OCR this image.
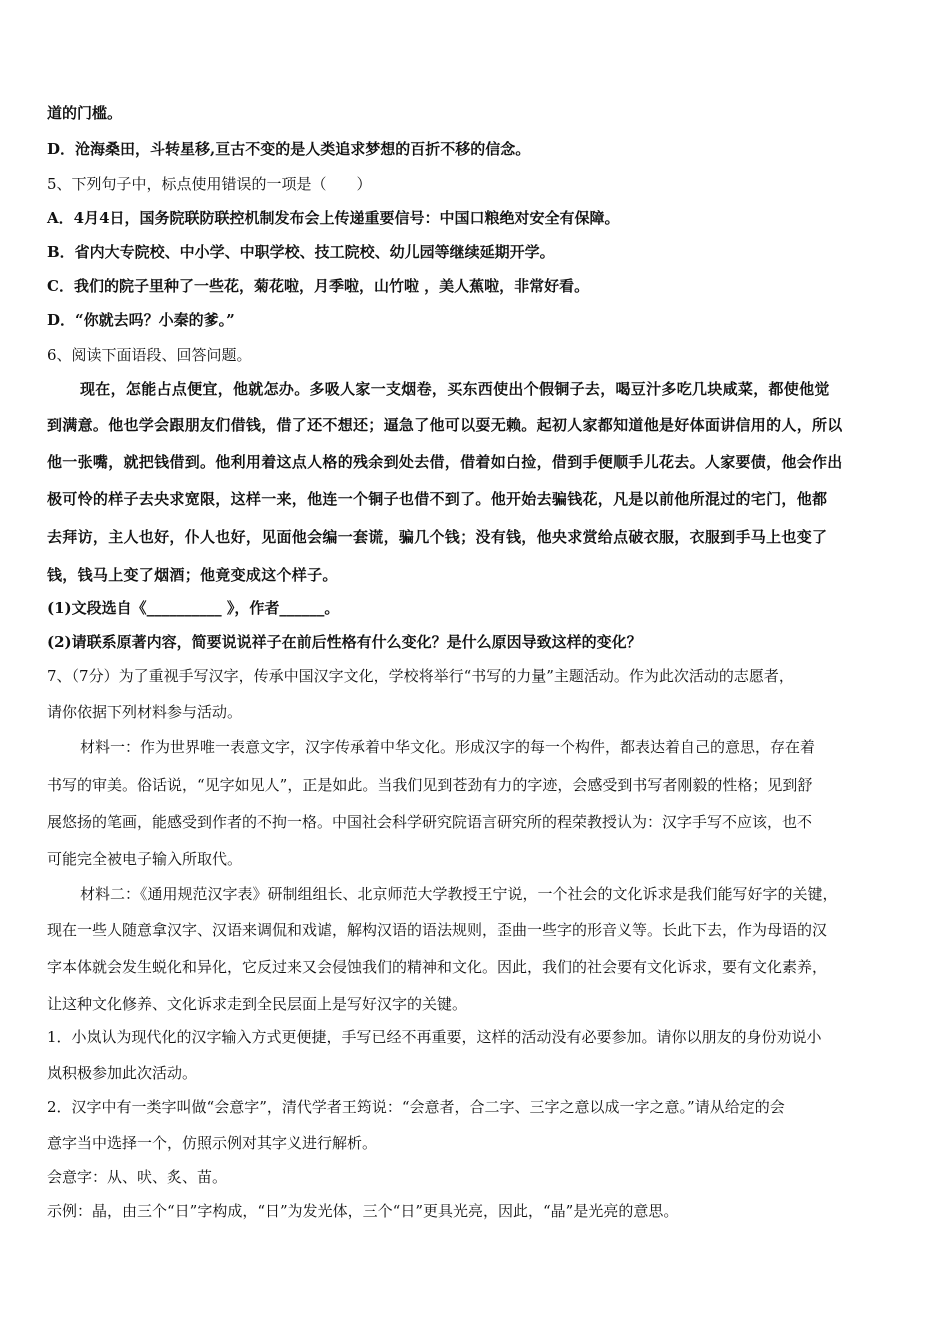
道的门槛。
D．沧海桑田，斗转星移,亘古不变的是人类追求梦想的百折不移的信念。
5、下列句子中，标点使用错误的一项是（　　）
A．4月4日，国务院联防联控机制发布会上传递重要信号：中国口粮绝对安全有保障。
B．省内大专院校、中小学、中职学校、技工院校、幼儿园等继续延期开学。
C．我们的院子里种了一些花，菊花啦，月季啦，山竹啦 ，美人蕉啦，非常好看。
D．“你就去吗？小秦的爹。”
6、阅读下面语段、回答问题。
现在，怎能占点便宜，他就怎办。多吸人家一支烟卷，买东西使出个假铜子去，喝豆汁多吃几块咸菜，都使他觉
到满意。他也学会跟朋友们借钱，借了还不想还；逼急了他可以耍无赖。起初人家都知道他是好体面讲信用的人，所以
他一张嘴，就把钱借到。他利用着这点人格的残余到处去借，借着如白捡，借到手便顺手儿花去。人家要债，他会作出
极可怜的样子去央求宽限，这样一来，他连一个铜子也借不到了。他开始去骗钱花，凡是以前他所混过的宅门，他都
去拜访，主人也好，仆人也好，见面他会编一套谎，骗几个钱；没有钱，他央求赏给点破衣服，衣服到手马上也变了
钱，钱马上变了烟酒；他竟变成这个样子。
(1)文段选自《__________ 》，作者______。
(2)请联系原著内容，简要说说祥子在前后性格有什么变化？是什么原因导致这样的变化？
7、（7分）为了重视手写汉字，传承中国汉字文化，学校将举行“书写的力量”主题活动。作为此次活动的志愿者，
请你依据下列材料参与活动。
材料一：作为世界唯一表意文字，汉字传承着中华文化。形成汉字的每一个构件，都表达着自己的意思，存在着
书写的审美。俗话说，“见字如见人”，正是如此。当我们见到苍劲有力的字迹，会感受到书写者刚毅的性格；见到舒
展悠扬的笔画，能感受到作者的不拘一格。中国社会科学研究院语言研究所的程荣教授认为：汉字手写不应该，也不
可能完全被电子输入所取代。
材料二：《通用规范汉字表》研制组组长、北京师范大学教授王宁说，一个社会的文化诉求是我们能写好字的关键，
现在一些人随意拿汉字、汉语来调侃和戏谑，解构汉语的语法规则，歪曲一些字的形音义等。长此下去，作为母语的汉
字本体就会发生蜕化和异化，它反过来又会侵蚀我们的精神和文化。因此，我们的社会要有文化诉求，要有文化素养，
让这种文化修养、文化诉求走到全民层面上是写好汉字的关键。
1．小岚认为现代化的汉字输入方式更便捷，手写已经不再重要，这样的活动没有必要参加。请你以朋友的身份劝说小
岚积极参加此次活动。
2．汉字中有一类字叫做“会意字”，清代学者王筠说：“会意者，合二字、三字之意以成一字之意。”请从给定的会
意字当中选择一个，仿照示例对其字义进行解析。
会意字：从、吠、炙、苗。
示例：晶，由三个“日”字构成，“日”为发光体，三个“日”更具光亮，因此，“晶”是光亮的意思。
